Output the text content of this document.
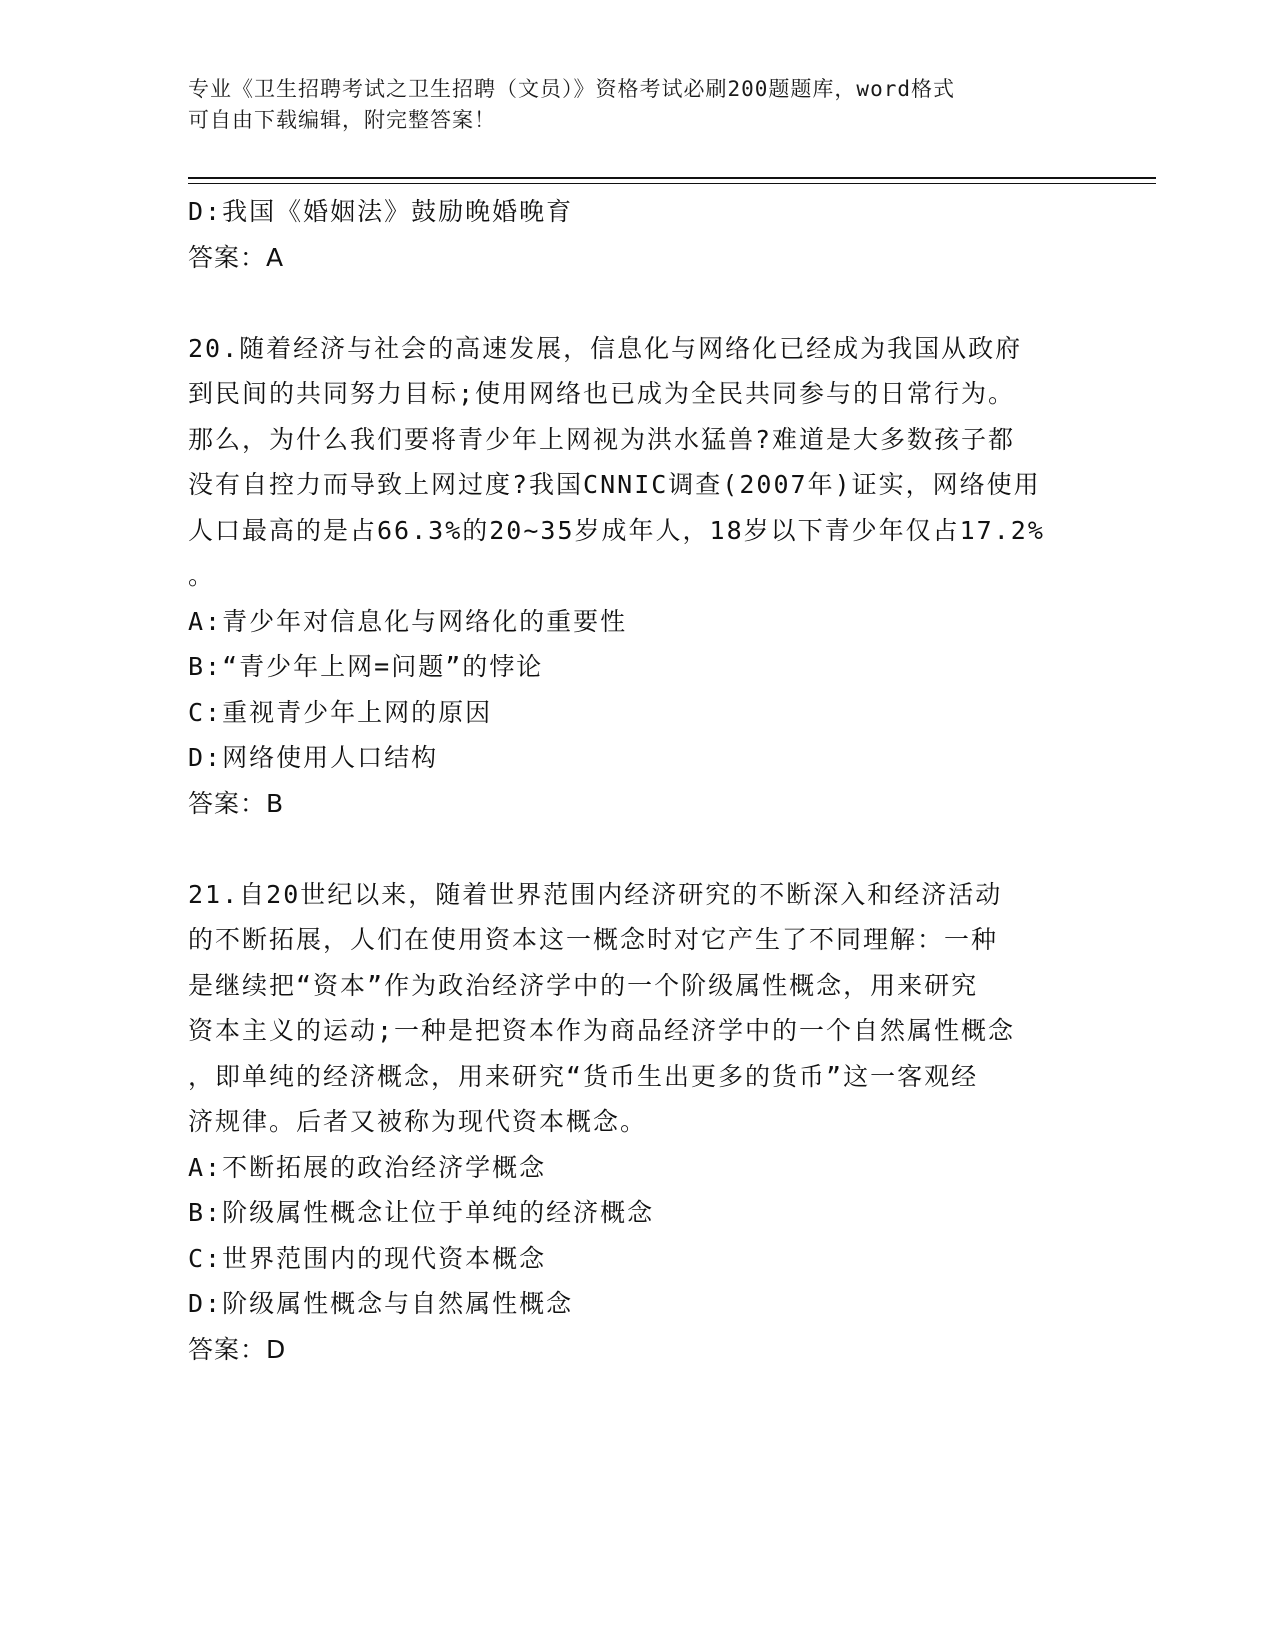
专业《卫生招聘考试之卫生招聘（文员）》资格考试必刷200题题库，word格式
可自由下载编辑，附完整答案！
D:我国《婚姻法》鼓励晚婚晚育
答案：A
20.随着经济与社会的高速发展，信息化与网络化已经成为我国从政府
到民间的共同努力目标;使用网络也已成为全民共同参与的日常行为。
那么，为什么我们要将青少年上网视为洪水猛兽?难道是大多数孩子都
没有自控力而导致上网过度?我国CNNIC调查(2007年)证实，网络使用
人口最高的是占66.3%的20~35岁成年人，18岁以下青少年仅占17.2%
。
A:青少年对信息化与网络化的重要性
B:“青少年上网=问题”的悖论
C:重视青少年上网的原因
D:网络使用人口结构
答案：B
21.自20世纪以来，随着世界范围内经济研究的不断深入和经济活动
的不断拓展，人们在使用资本这一概念时对它产生了不同理解：一种
是继续把“资本”作为政治经济学中的一个阶级属性概念，用来研究
资本主义的运动;一种是把资本作为商品经济学中的一个自然属性概念
，即单纯的经济概念，用来研究“货币生出更多的货币”这一客观经
济规律。后者又被称为现代资本概念。
A:不断拓展的政治经济学概念
B:阶级属性概念让位于单纯的经济概念
C:世界范围内的现代资本概念
D:阶级属性概念与自然属性概念
答案：D
